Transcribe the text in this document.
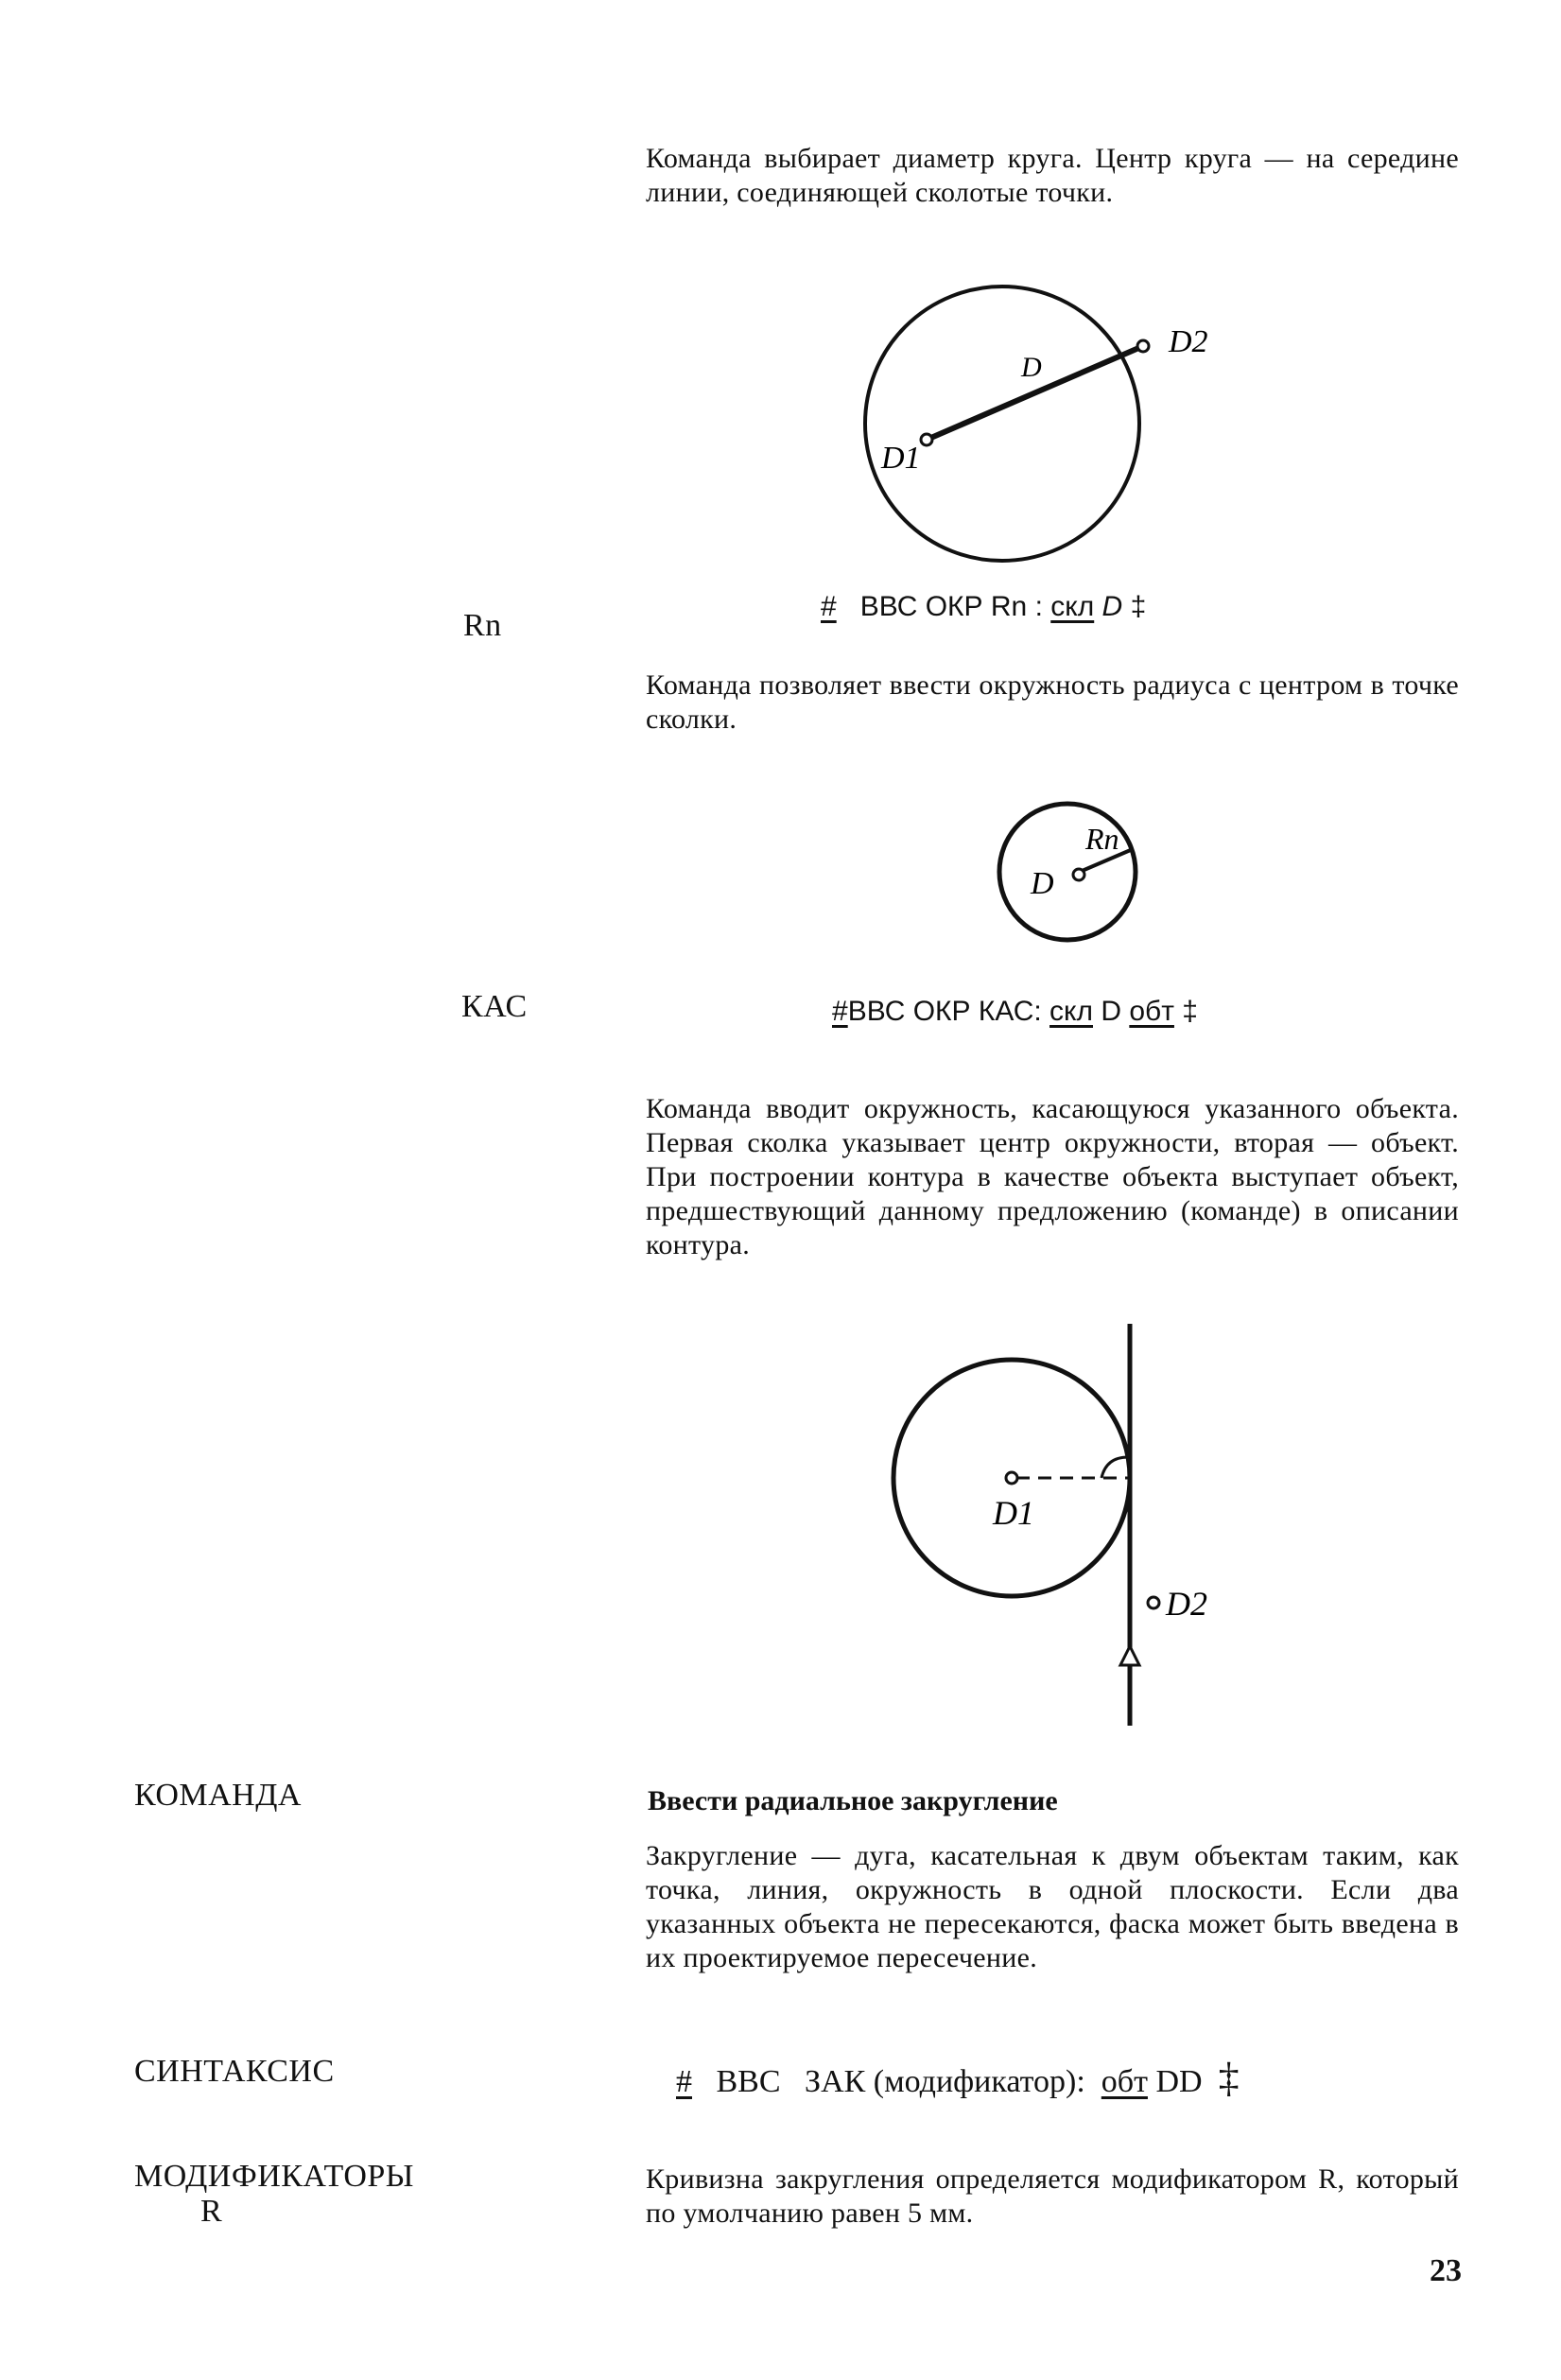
Команда выбирает диаметр круга. Центр круга — на середине линии, соединяющей сколотые точки.
D
D1
D2
D
Rn
D1
D2
Rn
# ВВС ОКР Rn : скл D ‡
Команда позволяет ввести окружность радиуса с центром в точке сколки.
КАС	#ВВС ОКР КАС: скл D обт ‡
Команда вводит окружность, касающуюся указанного объекта. Первая сколка указывает центр окружности, вторая — объект. При построении контура в качестве объекта выступает объект, предшествующий данному предложению (команде) в описании контура.
КОМАНДА	Ввести радиальное закругление
Закругление — дуга, касательная к двум объектам таким, как точка, линия, окружность в одной плоскости. Если два указанных объекта не пересекаются, фаска может быть введена в их проектируемое пересечение.
СИНТАКСИС	# ВВС   ЗАК (модификатор):  обт DD  ‡
МОДИФИКАТОРЫ
R
Кривизна закругления определяется модификатором R, который по умолчанию равен 5 мм.
23
